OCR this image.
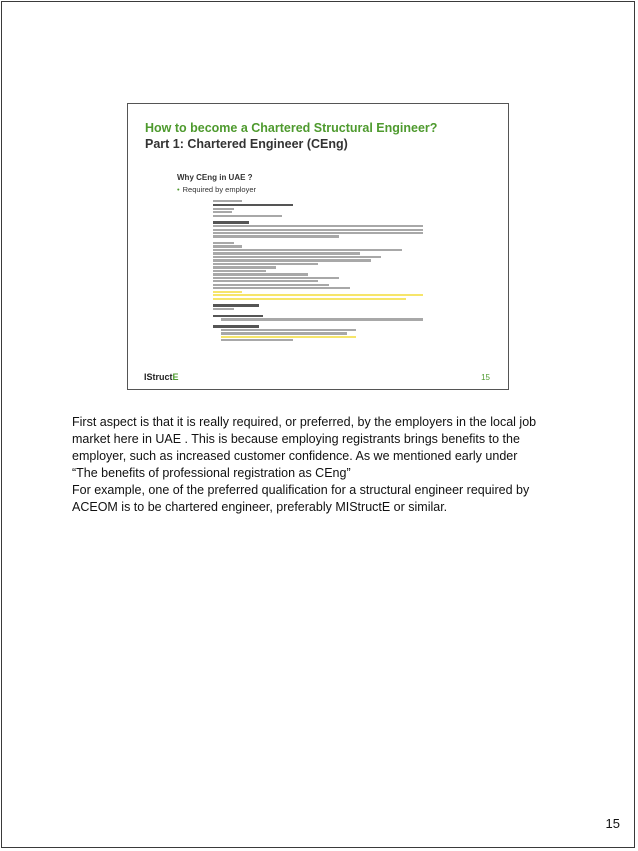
How to become a Chartered Structural Engineer?
Part 1: Chartered Engineer (CEng)
Why CEng in UAE ?
• Required by employer
IStructE	15

First aspect is that it is really required, or preferred, by the employers in the local job

market here in UAE . This is because employing registrants brings benefits to the

employer, such as increased customer confidence. As we mentioned early under

“The benefits of professional registration as CEng”

For example, one of the preferred qualification for a structural engineer required by

ACEOM is to be chartered engineer, preferably MIStructE or similar.

15
